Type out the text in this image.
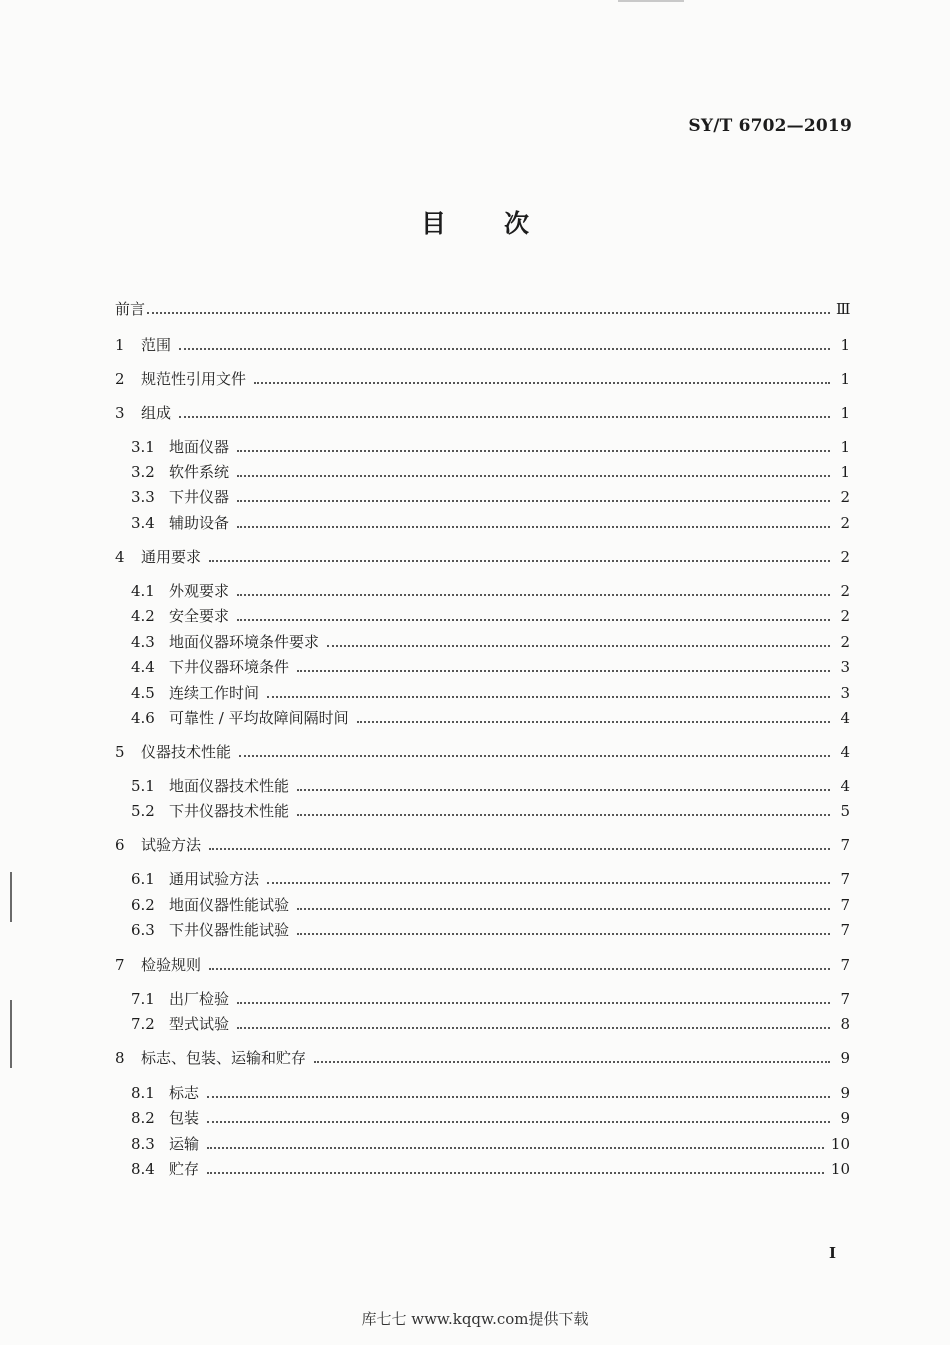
SY/T 6702—2019
目 次
前言	Ⅲ
1	范围	1
2	规范性引用文件	1
3	组成	1
3.1 地面仪器	1
3.2 软件系统	1
3.3 下井仪器	2
3.4 辅助设备	2
4	通用要求	2
4.1 外观要求	2
4.2 安全要求	2
4.3 地面仪器环境条件要求	2
4.4 下井仪器环境条件	3
4.5 连续工作时间	3
4.6 可靠性 / 平均故障间隔时间	4
5	仪器技术性能	4
5.1 地面仪器技术性能	4
5.2 下井仪器技术性能	5
6	试验方法	7
6.1 通用试验方法	7
6.2 地面仪器性能试验	7
6.3 下井仪器性能试验	7
7	检验规则	7
7.1 出厂检验	7
7.2 型式试验	8
8	标志、包装、运输和贮存	9
8.1 标志	9
8.2 包装	9
8.3 运输	10
8.4 贮存	10
I
库七七 www.kqqw.com提供下载
